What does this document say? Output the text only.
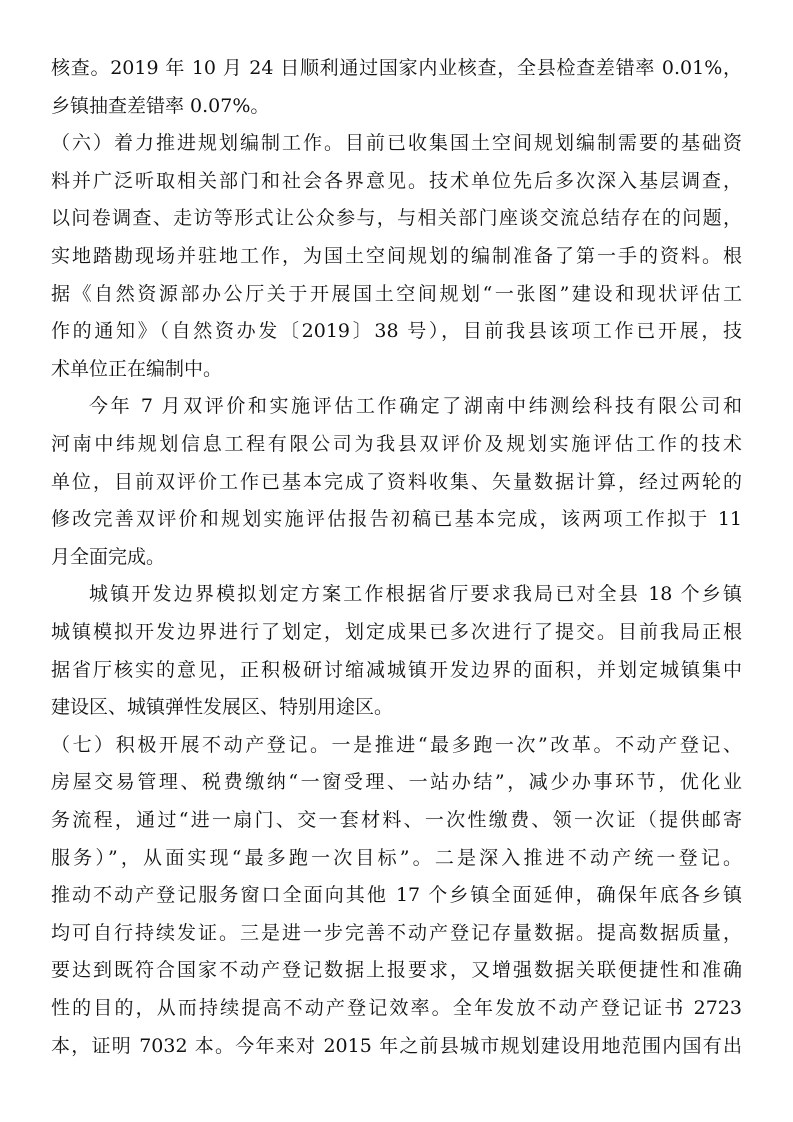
核查。2019 年 10 月 24 日顺利通过国家内业核查，全县检查差错率 0.01%，
乡镇抽查差错率 0.07%。
（六）着力推进规划编制工作。目前已收集国土空间规划编制需要的基础资
料并广泛听取相关部门和社会各界意见。技术单位先后多次深入基层调查，
以问卷调查、走访等形式让公众参与，与相关部门座谈交流总结存在的问题，
实地踏勘现场并驻地工作，为国土空间规划的编制准备了第一手的资料。根
据《自然资源部办公厅关于开展国土空间规划“一张图”建设和现状评估工
作的通知》（自然资办发〔2019〕38 号），目前我县该项工作已开展，技
术单位正在编制中。
今年 7 月双评价和实施评估工作确定了湖南中纬测绘科技有限公司和
河南中纬规划信息工程有限公司为我县双评价及规划实施评估工作的技术
单位，目前双评价工作已基本完成了资料收集、矢量数据计算，经过两轮的
修改完善双评价和规划实施评估报告初稿已基本完成，该两项工作拟于 11
月全面完成。
城镇开发边界模拟划定方案工作根据省厅要求我局已对全县 18 个乡镇
城镇模拟开发边界进行了划定，划定成果已多次进行了提交。目前我局正根
据省厅核实的意见，正积极研讨缩减城镇开发边界的面积，并划定城镇集中
建设区、城镇弹性发展区、特别用途区。
（七）积极开展不动产登记。一是推进“最多跑一次”改革。不动产登记、
房屋交易管理、税费缴纳“一窗受理、一站办结”，减少办事环节，优化业
务流程，通过“进一扇门、交一套材料、一次性缴费、领一次证（提供邮寄
服务）”，从面实现“最多跑一次目标”。二是深入推进不动产统一登记。
推动不动产登记服务窗口全面向其他 17 个乡镇全面延伸，确保年底各乡镇
均可自行持续发证。三是进一步完善不动产登记存量数据。提高数据质量，
要达到既符合国家不动产登记数据上报要求，又增强数据关联便捷性和准确
性的目的，从而持续提高不动产登记效率。全年发放不动产登记证书 2723
本，证明 7032 本。今年来对 2015 年之前县城市规划建设用地范围内国有出
